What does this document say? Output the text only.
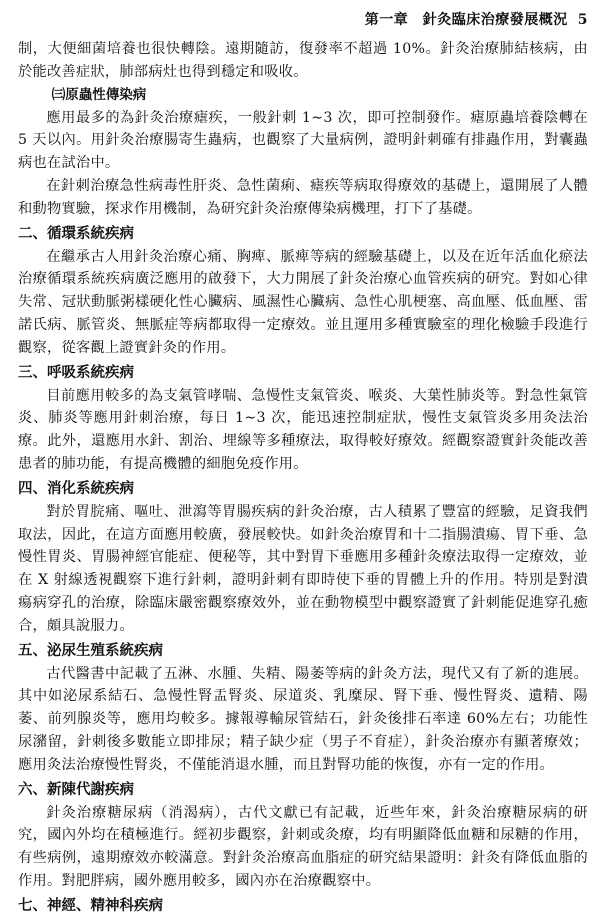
第一章　針灸臨床治療發展概況 5

制，大便細菌培養也很快轉陰。遠期隨訪，復發率不超過 10%。針灸治療肺結核病，由於能改善症狀，肺部病灶也得到穩定和吸收。

㈢原蟲性傳染病

應用最多的為針灸治療瘧疾，一般針刺 1∼3 次，即可控制發作。瘧原蟲培養陰轉在 5 天以內。用針灸治療腸寄生蟲病，也觀察了大量病例，證明針刺確有排蟲作用，對囊蟲病也在試治中。

在針刺治療急性病毒性肝炎、急性菌痢、瘧疾等病取得療效的基礎上，還開展了人體和動物實驗，探求作用機制，為研究針灸治療傳染病機理，打下了基礎。

二、循環系統疾病

在繼承古人用針灸治療心痛、胸痺、脈痺等病的經驗基礎上，以及在近年活血化瘀法治療循環系統疾病廣泛應用的啟發下，大力開展了針灸治療心血管疾病的研究。對如心律失常、冠狀動脈粥樣硬化性心臟病、風濕性心臟病、急性心肌梗塞、高血壓、低血壓、雷諾氏病、脈管炎、無脈症等病都取得一定療效。並且運用多種實驗室的理化檢驗手段進行觀察，從客觀上證實針灸的作用。

三、呼吸系統疾病

目前應用較多的為支氣管哮喘、急慢性支氣管炎、喉炎、大葉性肺炎等。對急性氣管炎、肺炎等應用針刺治療，每日 1∼3 次，能迅速控制症狀，慢性支氣管炎多用灸法治療。此外，還應用水針、割治、埋線等多種療法，取得較好療效。經觀察證實針灸能改善患者的肺功能，有提高機體的細胞免疫作用。

四、消化系統疾病

對於胃脘痛、嘔吐、泄瀉等胃腸疾病的針灸治療，古人積累了豐富的經驗，足資我們取法，因此，在這方面應用較廣，發展較快。如針灸治療胃和十二指腸潰瘍、胃下垂、急慢性胃炎、胃腸神經官能症、便秘等，其中對胃下垂應用多種針灸療法取得一定療效，並在 X 射線透視觀察下進行針刺，證明針刺有即時使下垂的胃體上升的作用。特別是對潰瘍病穿孔的治療，除臨床嚴密觀察療效外，並在動物模型中觀察證實了針刺能促進穿孔癒合，頗具說服力。

五、泌尿生殖系統疾病

古代醫書中記載了五淋、水腫、失精、陽萎等病的針灸方法，現代又有了新的進展。其中如泌尿系結石、急慢性腎盂腎炎、尿道炎、乳糜尿、腎下垂、慢性腎炎、遺精、陽萎、前列腺炎等，應用均較多。據報導輸尿管結石，針灸後排石率達 60%左右；功能性尿瀦留，針刺後多數能立即排尿；精子缺少症（男子不育症），針灸治療亦有顯著療效；應用灸法治療慢性腎炎，不僅能消退水腫，而且對腎功能的恢復，亦有一定的作用。

六、新陳代謝疾病

針灸治療糖尿病（消渴病），古代文獻已有記載，近些年來，針灸治療糖尿病的研究，國內外均在積極進行。經初步觀察，針刺或灸療，均有明顯降低血糖和尿糖的作用，有些病例，遠期療效亦較滿意。對針灸治療高血脂症的研究結果證明：針灸有降低血脂的作用。對肥胖病，國外應用較多，國內亦在治療觀察中。

七、神經、精神科疾病
